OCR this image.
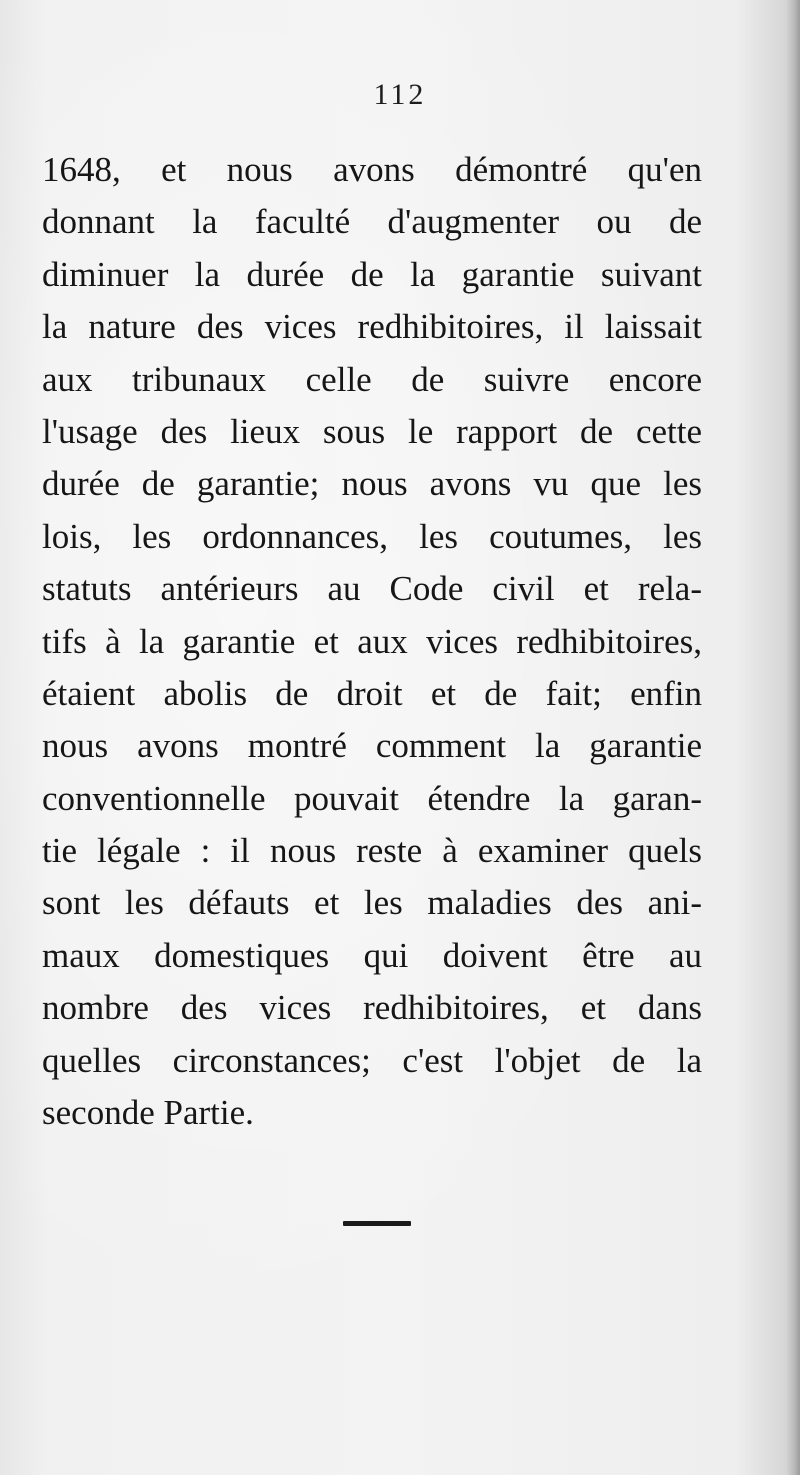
112
1648, et nous avons démontré qu'en
donnant la faculté d'augmenter ou de
diminuer la durée de la garantie suivant
la nature des vices redhibitoires, il laissait
aux tribunaux celle de suivre encore
l'usage des lieux sous le rapport de cette
durée de garantie; nous avons vu que les
lois, les ordonnances, les coutumes, les
statuts antérieurs au Code civil et rela-
tifs à la garantie et aux vices redhibitoires,
étaient abolis de droit et de fait; enfin
nous avons montré comment la garantie
conventionnelle pouvait étendre la garan-
tie légale : il nous reste à examiner quels
sont les défauts et les maladies des ani-
maux domestiques qui doivent être au
nombre des vices redhibitoires, et dans
quelles circonstances; c'est l'objet de la
seconde Partie.
